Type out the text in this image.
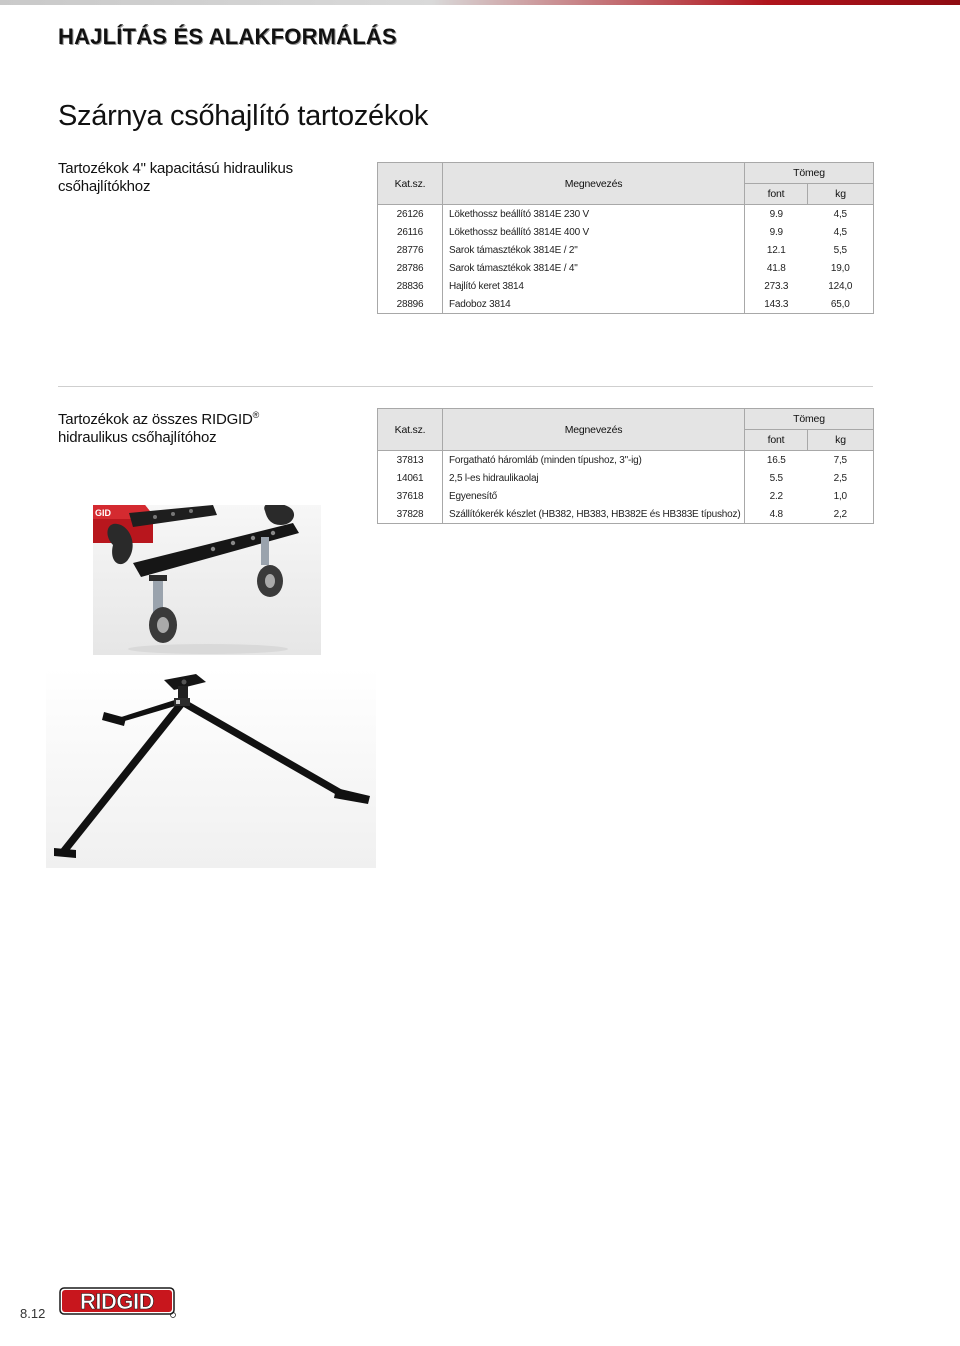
HAJLÍTÁS ÉS ALAKFORMÁLÁS
Szárnya csőhajlító tartozékok

Tartozékok 4" kapacitású hidraulikus csőhajlítókhoz	Kat.sz.	Megnevezés	Tömeg	
		font	kg
26126	Lökethossz beállító 3814E 230 V	9.9	4,5
26116	Lökethossz beállító 3814E 400 V	9.9	4,5
28776	Sarok támasztékok 3814E / 2"	12.1	5,5
28786	Sarok támasztékok 3814E / 4"	41.8	19,0
28836	Hajlító keret 3814	273.3	124,0
28896	Fadoboz 3814	143.3	65,0

Tartozékok az összes RIDGID®
hidraulikus csőhajlítóhoz	Kat.sz.	Megnevezés	Tömeg	
		font	kg
37813	Forgatható háromláb (minden típushoz, 3"-ig)	16.5	7,5
14061	2,5 l-es hidraulikaolaj	5.5	2,5
37618	Egyenesítő	2.2	1,0
37828	Szállítókerék készlet (HB382, HB383, HB382E és HB383E típushoz)	4.8	2,2
GID
8.12 RIDGID
